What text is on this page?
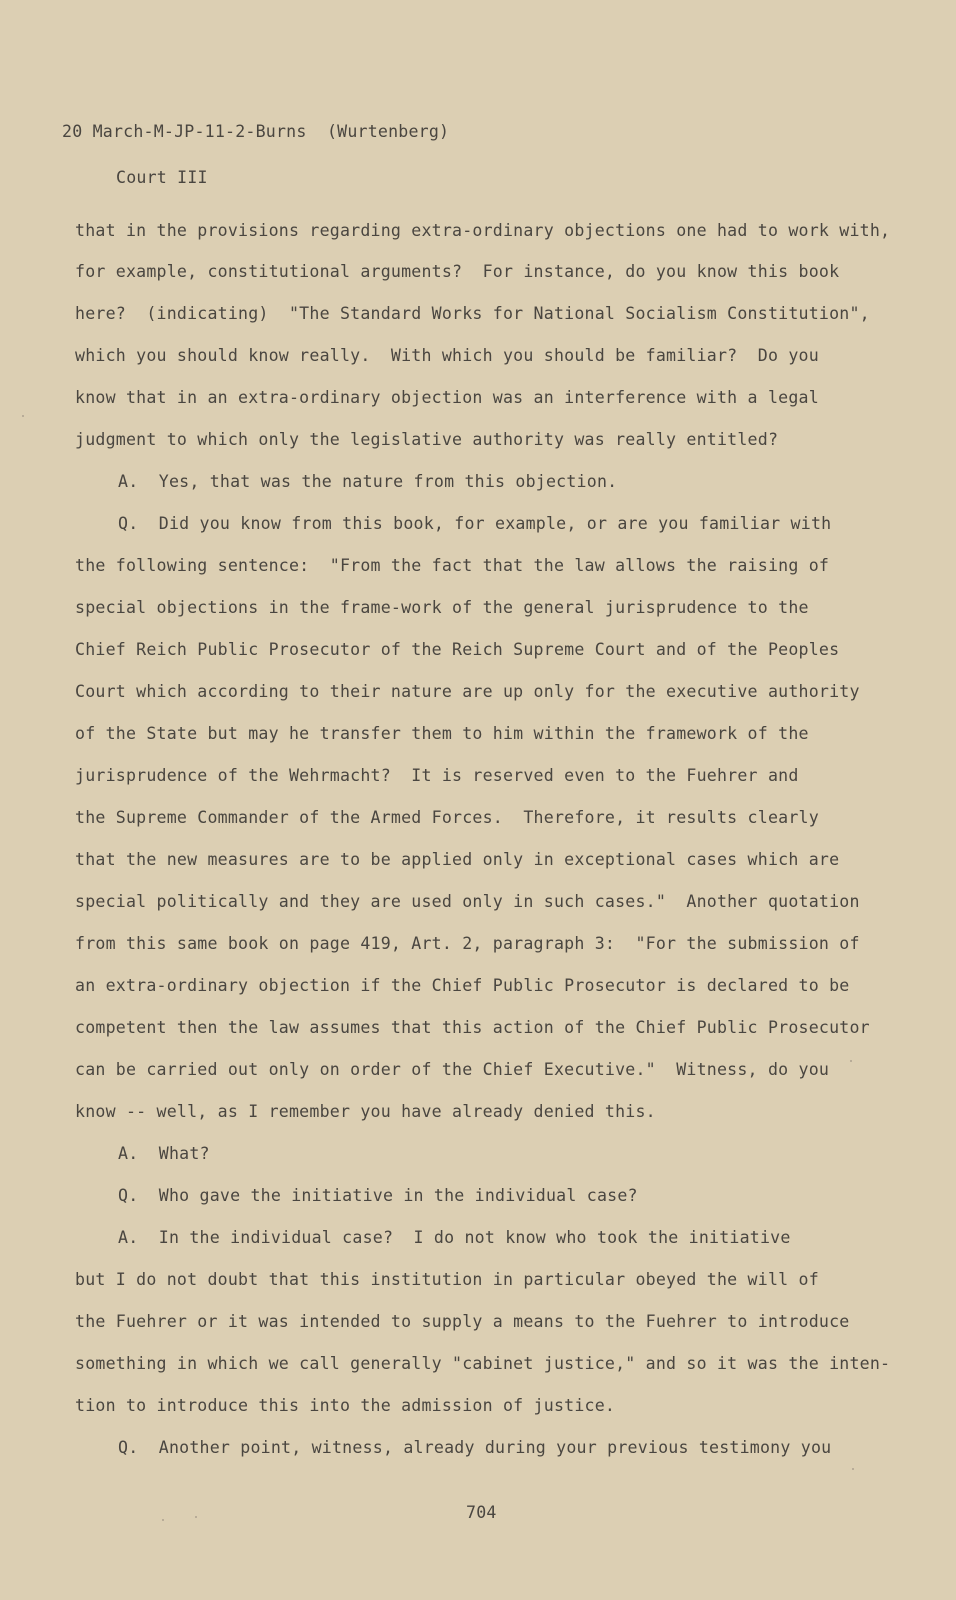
20 March-M-JP-11-2-Burns  (Wurtenberg)
Court III
that in the provisions regarding extra-ordinary objections one had to work with,
for example, constitutional arguments?  For instance, do you know this book
here?  (indicating)  "The Standard Works for National Socialism Constitution",
which you should know really.  With which you should be familiar?  Do you
know that in an extra-ordinary objection was an interference with a legal
judgment to which only the legislative authority was really entitled?
A.  Yes, that was the nature from this objection.
Q.  Did you know from this book, for example, or are you familiar with
the following sentence:  "From the fact that the law allows the raising of
special objections in the frame-work of the general jurisprudence to the
Chief Reich Public Prosecutor of the Reich Supreme Court and of the Peoples
Court which according to their nature are up only for the executive authority
of the State but may he transfer them to him within the framework of the
jurisprudence of the Wehrmacht?  It is reserved even to the Fuehrer and
the Supreme Commander of the Armed Forces.  Therefore, it results clearly
that the new measures are to be applied only in exceptional cases which are
special politically and they are used only in such cases."  Another quotation
from this same book on page 419, Art. 2, paragraph 3:  "For the submission of
an extra-ordinary objection if the Chief Public Prosecutor is declared to be
competent then the law assumes that this action of the Chief Public Prosecutor
can be carried out only on order of the Chief Executive."  Witness, do you
know -- well, as I remember you have already denied this.
A.  What?
Q.  Who gave the initiative in the individual case?
A.  In the individual case?  I do not know who took the initiative
but I do not doubt that this institution in particular obeyed the will of
the Fuehrer or it was intended to supply a means to the Fuehrer to introduce
something in which we call generally "cabinet justice," and so it was the inten-
tion to introduce this into the admission of justice.
Q.  Another point, witness, already during your previous testimony you
704
